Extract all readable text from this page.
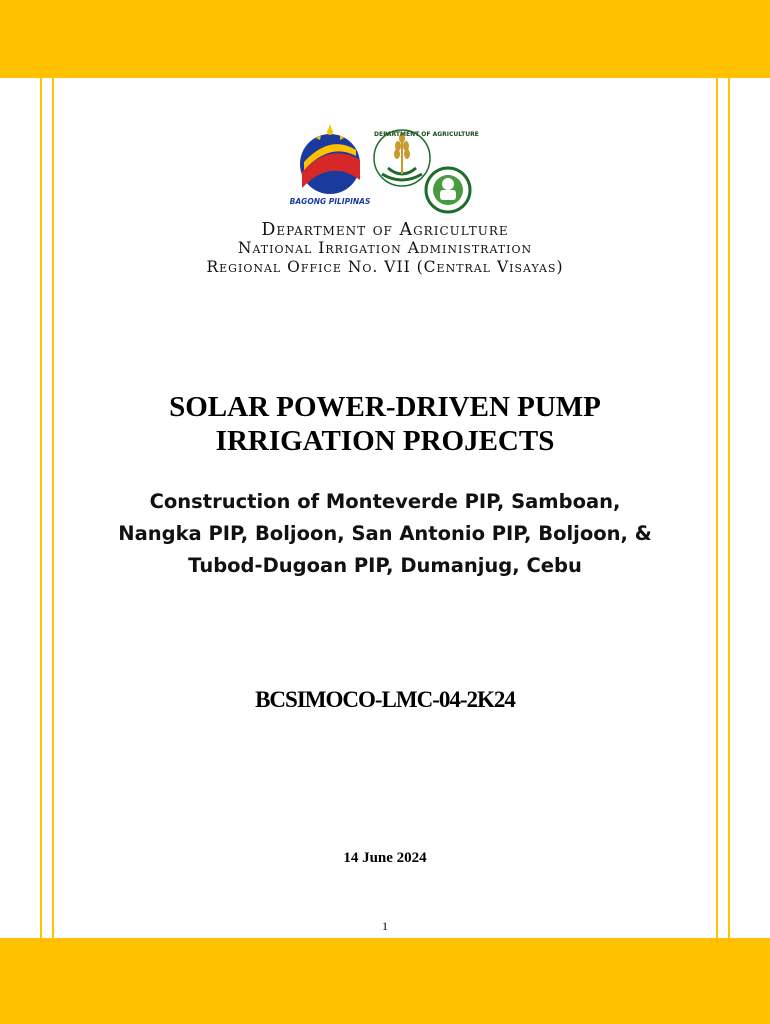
BAGONG PILIPINAS
DEPARTMENT OF AGRICULTURE
Department of Agriculture
National Irrigation Administration
Regional Office No. VII (Central Visayas)
SOLAR POWER-DRIVEN PUMP
IRRIGATION PROJECTS
Construction of Monteverde PIP, Samboan,
Nangka PIP, Boljoon, San Antonio PIP, Boljoon, &
Tubod-Dugoan PIP, Dumanjug, Cebu
BCSIMOCO-LMC-04-2K24
14 June 2024
1
